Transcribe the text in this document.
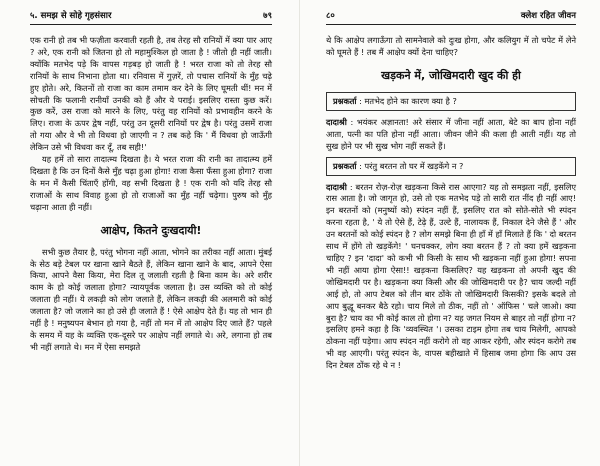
५. समझ से सोहे गृहसंसार	७९

एक रानी हो तब भी फज़ीता करवाती रहती है, तब तेरह सौ रानियों में क्या पार आए ? अरे, एक रानी को जितना हो तो महामुश्किल हो जाता है ! जीतो ही नहीं जाती। क्योंकि मतभेद पड़े कि वापस गड़बड़ हो जाती है ! भरत राजा को तो तेरह सौ रानियों के साथ निभाना होता था। रनिवास में गुज़रें, तो पचास रानियों के मुँह चढ़े हुए होते। अरे, कितनों तो राजा का काम तमाम कर देने के लिए घूमती थीं! मन में सोचती कि फलानी रानीयाँ उनकी को हैं और ये पराई। इसलिए रास्ता कुछ करें। कुछ करें, उस राजा को मारने के लिए, परंतु वह रानियों को प्रभावहीन करने के लिए। राजा के ऊपर द्वेष नहीं, परंतु उन दूसरी रानियों पर द्वेष है। परंतु उसमें राजा तो गया और वे भी तो विधवा हो जाएगी न ? तब कहे कि ' मैं विधवा हो जाऊँगी लेकिन उसे भी विधवा कर दूँ, तब सही!'

यह हमें तो सारा तादात्म्य दिखता है। ये भरत राजा की रानी का तादात्म्य हमें दिखता है कि उन दिनों कैसे मुँह चढ़ा हुआ होगा! राजा कैसा फँसा हुआ होगा? राजा के मन में कैसी चिंताएँ होंगी, वह सभी दिखता है ! एक रानी को यदि तेरह सौ राजाओं के साथ विवाह हुआ हो तो राजाओं का मुँह नहीं चढ़ेगा। पुरुष को मुँह चढ़ाना आता ही नहीं।

आक्षेप, कितने दुःखदायी!

सभी कुछ तैयार है, परंतु भोगना नहीं आता, भोगने का तरीका नहीं आता। मुंबई के सेठ बड़े टेबल पर खाना खाने बैठते हैं, लेकिन खाना खाने के बाद, आपने ऐसा किया, आपने वैसा किया, मेरा दिल तू जलाती रहती है बिना काम के। अरे शरीर काम के हो कोई जलाता होगा? न्यायपूर्वक जलाता है। उस व्यक्ति को तो कोई जलाता ही नहीं। ये लकड़ी को लोग जलाते हैं, लेकिन लकड़ी की अलमारी को कोई जलाता है? जो जलाने का हो उसे ही जलाते हैं ! ऐसे आक्षेप देते हैं। यह तो भान ही नहीं है ! मनुष्यपन बेभान हो गया है, नहीं तो मन में तो आक्षेप दिए जाते हैं? पहले के समय में यह के व्यक्ति एक-दूसरे पर आक्षेप नहीं लगाते थे। अरे, लगाना हो तब भी नहीं लगाते थे। मन में ऐसा समझते

८०	क्लेश रहित जीवन

थे कि आक्षेप लगाऊँगा तो सामनेवाले को दुःख होगा, और कलियुग में तो चपेट में लेने को घूमते हैं ! तब मैं आक्षेप क्यों देना चाहिए?

खड़कने में, जोखिमदारी खुद की ही
प्रश्नकर्ता : मतभेद होने का कारण क्या है ?

दादाश्री : भयंकर अज्ञानता! अरे संसार में जीना नहीं आता, बेटे का बाप होना नहीं आता, पत्नी का पति होना नहीं आता। जीवन जीने की कला ही आती नहीं। यह तो सुख होने पर भी सुख भोग नहीं सकते हैं।

प्रश्नकर्ता : परंतु बरतन तो घर में खड़केंगे न ?

दादाश्री : बरतन रोज़-रोज़ खड़कना किसे रास आएगा? यह तो समझता नहीं, इसलिए रास आता है। जो जागृत हो, उसे तो एक मतभेद पड़े तो सारी रात नींद ही नहीं आए! इन बरतनों को (मनुष्यों को) स्पंदन नहीं हैं, इसलिए रात को सोते-सोते भी स्पंदन करना रहता है, ' ये तो ऐसे हैं, टेढ़े हैं, उल्टे हैं, नालायक हैं, निकाल देने जैसे हैं ' और उन बरतनों को कोई स्पंदन है ? लोग समझे बिना ही हाँ में हाँ मिलाते हैं कि ' दो बरतन साथ में होंगे तो खड़केंगे! ' घनचक्कर, लोग क्या बरतन हैं ? तो क्या हमें खड़कना चाहिए ? इन 'दादा' को कभी भी किसी के साथ भी खड़कना नहीं हुआ होगा! सपना भी नहीं आया होगा ऐसा!! खड़कना किसलिए? यह खड़कना तो अपनी खुद की जोखिमदारी पर है। खड़कना क्या किसी और की जोखिमदारी पर है? चाय जल्दी नहीं आई हो, तो आप टेबल को तीन बार ठोंके तो जोखिमदारी किसकी? इसके बदले तो आप बुद्धू बनकर बैठे रहो। चाय मिले तो ठीक, नहीं तो ' ऑफिस ' चले जाओ। क्या बुरा है? चाय का भी कोई काल तो होगा न? यह जगत नियम से बाहर तो नहीं होगा न? इसलिए हमने कहा है कि 'व्यवस्थित '। उसका टाइम होगा तब चाय मिलेगी, आपको ठोकना नहीं पड़ेगा। आप स्पंदन नहीं करोगे तो वह आकर रहेगी, और स्पंदन करोगे तब भी वह आएगी। परंतु स्पंदन के, वापस बहीखाते में हिसाब जमा होगा कि आप उस दिन टेबल ठोंक रहे थे न !
